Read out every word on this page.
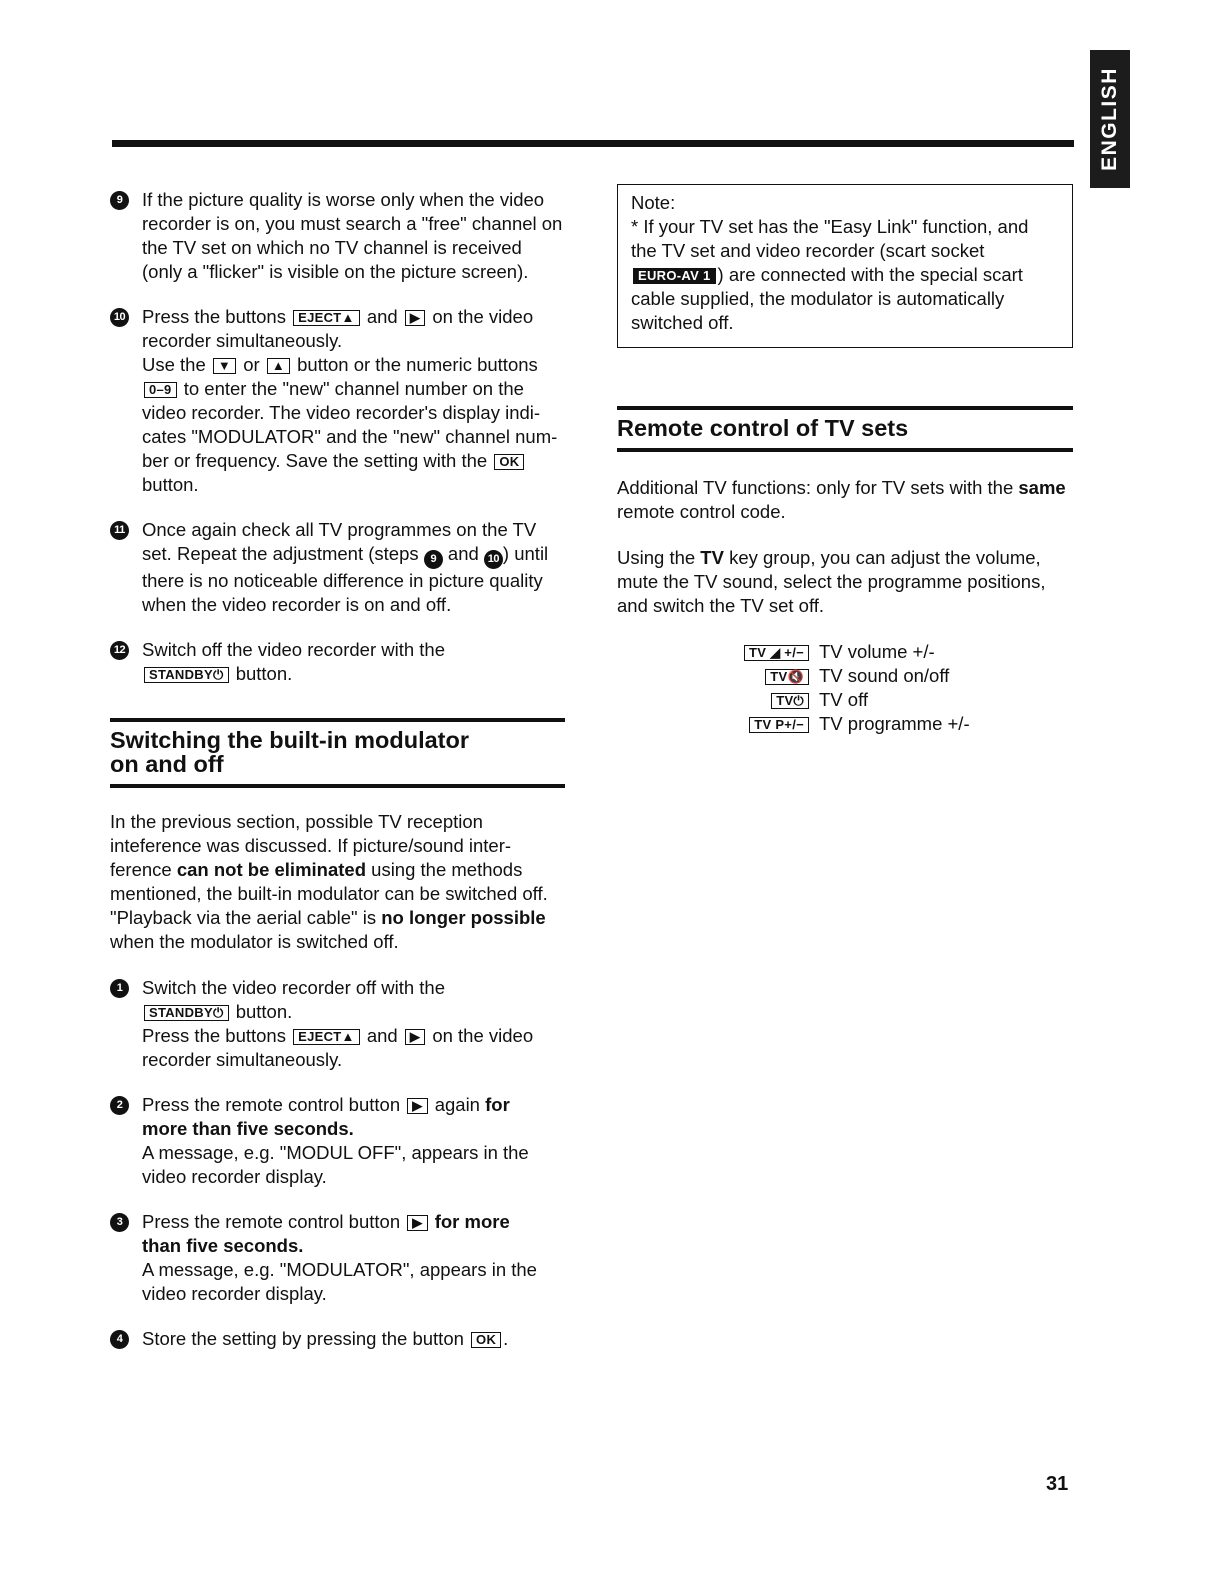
ENGLISH
9	If the picture quality is worse only when the video
recorder is on, you must search a "free" channel on
the TV set on which no TV channel is received
(only a "flicker" is visible on the picture screen).
10 Press the buttons EJECT▲ and ▶ on the video
recorder simultaneously.
Use the ▼ or ▲ button or the numeric buttons
0–9 to enter the "new" channel number on the
video recorder. The video recorder's display indi-
cates "MODULATOR" and the "new" channel num-
ber or frequency. Save the setting with the OK
button.
11 Once again check all TV programmes on the TV
set. Repeat the adjustment (steps 9 and 10 ) until
there is no noticeable difference in picture quality
when the video recorder is on and off.
12 Switch off the video recorder with the
STANDBY⏻ button.
Switching the built-in modulator
on and off
In the previous section, possible TV reception
inteference was discussed. If picture/sound inter-
ference can not be eliminated using the methods
mentioned, the built-in modulator can be switched off.
"Playback via the aerial cable" is no longer possible
when the modulator is switched off.
1	Switch the video recorder off with the
STANDBY⏻ button.
Press the buttons EJECT▲ and ▶ on the video
recorder simultaneously.
2	Press the remote control button ▶ again for
more than five seconds.
A message, e.g. "MODUL OFF", appears in the
video recorder display.
3	Press the remote control button ▶ for more
than five seconds.
A message, e.g. "MODULATOR", appears in the
video recorder display.
4	Store the setting by pressing the button OK .
Note:
* If your TV set has the "Easy Link" function, and
the TV set and video recorder (scart socket
EURO-AV 1 ) are connected with the special scart
cable supplied, the modulator is automatically
switched off.
Remote control of TV sets
Additional TV functions: only for TV sets with the same
remote control code.
Using the TV key group, you can adjust the volume,
mute the TV sound, select the programme positions,
and switch the TV set off.
TV ◢ +/− TV volume +/-
TV🔇 TV sound on/off
TV⏻ TV off
TV P+/− TV programme +/-
31
